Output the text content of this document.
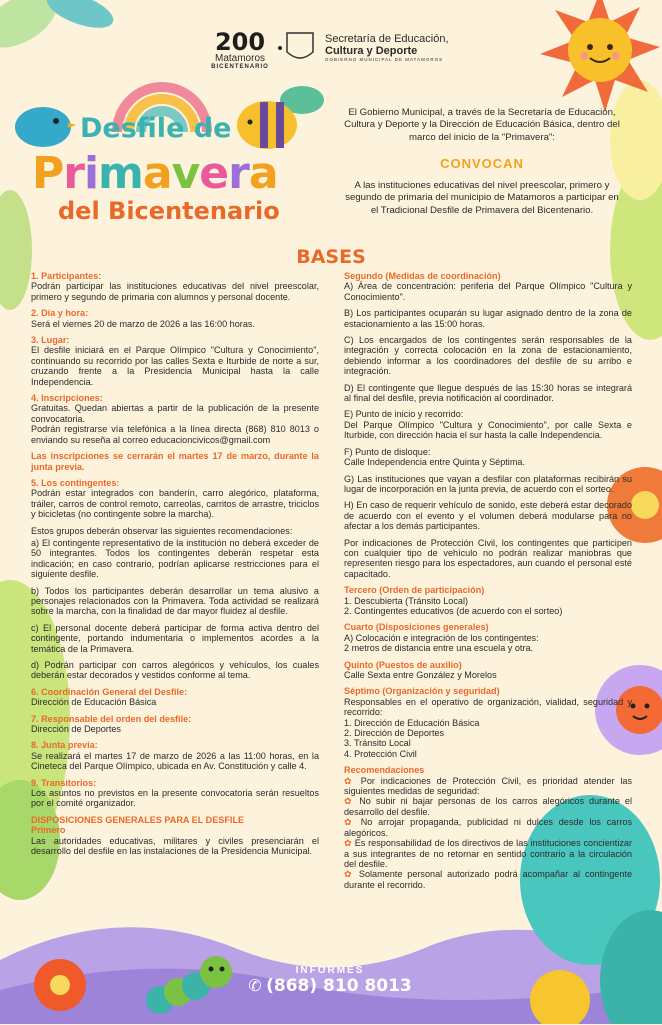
200
Matamoros
BICENTENARIO
Secretaría de Educación,
Cultura y Deporte
GOBIERNO MUNICIPAL DE MATAMOROS
Desfile de
Primavera
del Bicentenario
El Gobierno Municipal, a través de la Secretaría de Educación, Cultura y Deporte y la Dirección de Educación Básica, dentro del marco del inicio de la "Primavera":
CONVOCAN
A las instituciones educativas del nivel preescolar, primero y segundo de primaria del municipio de Matamoros a participar en el Tradicional Desfile de Primavera del Bicentenario.
BASES

1. Participantes:
Podrán participar las instituciones educativas del nivel preescolar, primero y segundo de primaria con alumnos y personal docente.

2. Día y hora:
Será el viernes 20 de marzo de 2026 a las 16:00 horas.

3. Lugar:
El desfile iniciará en el Parque Olímpico "Cultura y Conocimiento", continuando su recorrido por las calles Sexta e Iturbide de norte a sur, cruzando frente a la Presidencia Municipal hasta la calle Independencia.

4. Inscripciones:
Gratuitas. Quedan abiertas a partir de la publicación de la presente convocatoria.
Podrán registrarse vía telefónica a la línea directa (868) 810 8013 o enviando su reseña al correo educacioncivicos@gmail.com

Las inscripciones se cerrarán el martes 17 de marzo, durante la junta previa.

5. Los contingentes:
Podrán estar integrados con banderín, carro alegórico, plataforma, tráiler, carros de control remoto, carreolas, carritos de arrastre, triciclos y bicicletas (no contingente sobre la marcha).

Estos grupos deberán observar las siguientes recomendaciones:

a) El contingente representativo de la institución no deberá exceder de 50 integrantes. Todos los contingentes deberán respetar esta indicación; en caso contrario, podrían aplicarse restricciones para el siguiente desfile.

b) Todos los participantes deberán desarrollar un tema alusivo a personajes relacionados con la Primavera. Toda actividad se realizará sobre la marcha, con la finalidad de dar mayor fluidez al desfile.

c) El personal docente deberá participar de forma activa dentro del contingente, portando indumentaria o implementos acordes a la temática de la Primavera.

d) Podrán participar con carros alegóricos y vehículos, los cuales deberán estar decorados y vestidos conforme al tema.

6. Coordinación General del Desfile:
Dirección de Educación Básica

7. Responsable del orden del desfile:
Dirección de Deportes

8. Junta previa:
Se realizará el martes 17 de marzo de 2026 a las 11:00 horas, en la Cineteca del Parque Olímpico, ubicada en Av. Constitución y calle 4.

9. Transitorios:
Los asuntos no previstos en la presente convocatoria serán resueltos por el comité organizador.

DISPOSICIONES GENERALES PARA EL DESFILE
Primero
Las autoridades educativas, militares y civiles presenciarán el desarrollo del desfile en las instalaciones de la Presidencia Municipal.

Segundo (Medidas de coordinación)
A) Área de concentración: periferia del Parque Olímpico "Cultura y Conocimiento".

B) Los participantes ocuparán su lugar asignado dentro de la zona de estacionamiento a las 15:00 horas.

C) Los encargados de los contingentes serán responsables de la integración y correcta colocación en la zona de estacionamiento, debiendo informar a los coordinadores del desfile de su arribo e integración.

D) El contingente que llegue después de las 15:30 horas se integrará al final del desfile, previa notificación al coordinador.

E) Punto de inicio y recorrido:
Del Parque Olímpico "Cultura y Conocimiento", por calle Sexta e Iturbide, con dirección hacia el sur hasta la calle Independencia.

F) Punto de disloque:
Calle Independencia entre Quinta y Séptima.

G) Las instituciones que vayan a desfilar con plataformas recibirán su lugar de incorporación en la junta previa, de acuerdo con el sorteo.

H) En caso de requerir vehículo de sonido, este deberá estar decorado de acuerdo con el evento y el volumen deberá modularse para no afectar a los demás participantes.

Por indicaciones de Protección Civil, los contingentes que participen con cualquier tipo de vehículo no podrán realizar maniobras que representen riesgo para los espectadores, aun cuando el personal esté capacitado.

Tercero (Orden de participación)
1. Descubierta (Tránsito Local)
2. Contingentes educativos (de acuerdo con el sorteo)

Cuarto (Disposiciones generales)
A) Colocación e integración de los contingentes:
2 metros de distancia entre una escuela y otra.

Quinto (Puestos de auxilio)
Calle Sexta entre González y Morelos

Séptimo (Organización y seguridad)
Responsables en el operativo de organización, vialidad, seguridad y recorrido:
1. Dirección de Educación Básica
2. Dirección de Deportes
3. Tránsito Local
4. Protección Civil

Recomendaciones
✿ Por indicaciones de Protección Civil, es prioridad atender las siguientes medidas de seguridad:
✿ No subir ni bajar personas de los carros alegóricos durante el desarrollo del desfile.
✿ No arrojar propaganda, publicidad ni dulces desde los carros alegóricos.
✿ Es responsabilidad de los directivos de las instituciones concientizar a sus integrantes de no retornar en sentido contrario a la circulación del desfile.
✿ Solamente personal autorizado podrá acompañar al contingente durante el recorrido.

INFORMES
✆ (868) 810 8013
